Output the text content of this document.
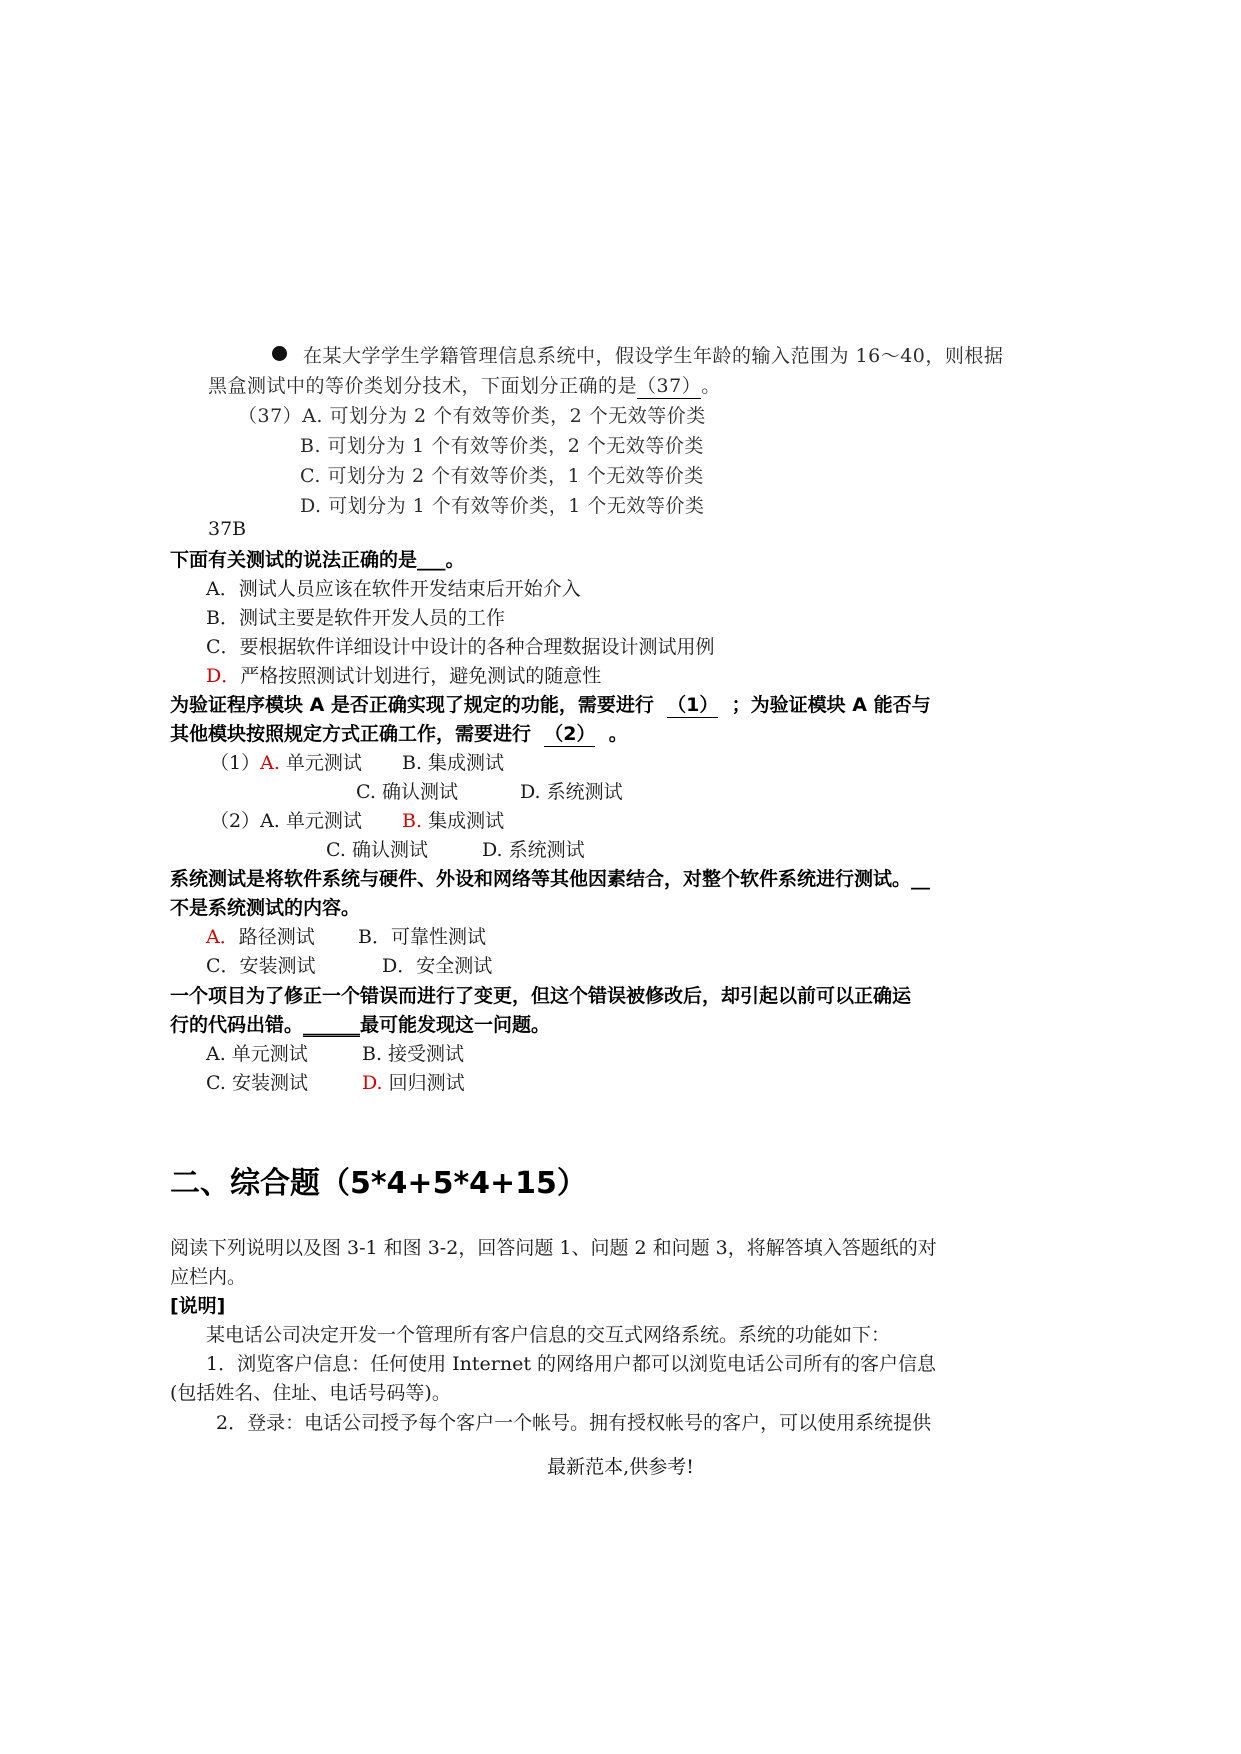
在某大学学生学籍管理信息系统中，假设学生年龄的输入范围为 16～40，则根据
黑盒测试中的等价类划分技术，下面划分正确的是（37）。
（37）A. 可划分为 2 个有效等价类，2 个无效等价类
B. 可划分为 1 个有效等价类，2 个无效等价类
C. 可划分为 2 个有效等价类，1 个无效等价类
D. 可划分为 1 个有效等价类，1 个无效等价类
37B
下面有关测试的说法正确的是___。
A．测试人员应该在软件开发结束后开始介入
B．测试主要是软件开发人员的工作
C．要根据软件详细设计中设计的各种合理数据设计测试用例
D．严格按照测试计划进行，避免测试的随意性
为验证程序模块 A 是否正确实现了规定的功能，需要进行 （1） ；为验证模块 A 能否与
其他模块按照规定方式正确工作，需要进行 （2） 。
（1）A. 单元测试 B. 集成测试
C. 确认测试	D. 系统测试
（2）A. 单元测试 B. 集成测试
C. 确认测试	D. 系统测试
系统测试是将软件系统与硬件、外设和网络等其他因素结合，对整个软件系统进行测试。__
不是系统测试的内容。
A．路径测试 B．可靠性测试
C．安装测试	D．安全测试
一个项目为了修正一个错误而进行了变更，但这个错误被修改后，却引起以前可以正确运
行的代码出错。______最可能发现这一问题。
A. 单元测试	B. 接受测试
C. 安装测试	D. 回归测试
二、综合题（5*4+5*4+15）
阅读下列说明以及图 3-1 和图 3-2，回答问题 1、问题 2 和问题 3，将解答填入答题纸的对
应栏内。
[说明]
某电话公司决定开发一个管理所有客户信息的交互式网络系统。系统的功能如下：
1．浏览客户信息：任何使用 Internet 的网络用户都可以浏览电话公司所有的客户信息
(包括姓名、住址、电话号码等)。
2．登录：电话公司授予每个客户一个帐号。拥有授权帐号的客户，可以使用系统提供
最新范本,供参考!
